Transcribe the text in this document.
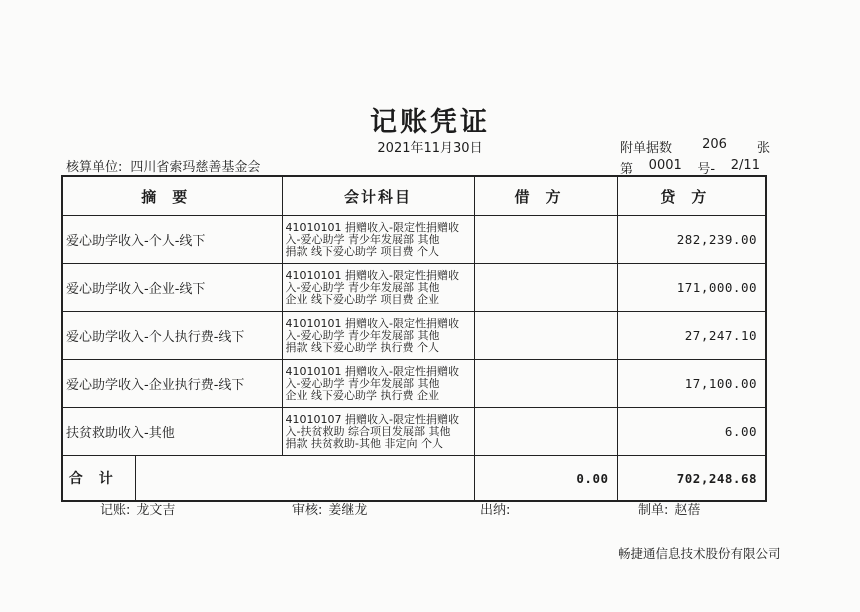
记账凭证
2021年11月30日	附单据数 206 张
第 0001 号- 2/11
核算单位: 四川省索玛慈善基金会
摘要		会计科目	借方	贷方
爱心助学收入-个人-线下		41010101 捐赠收入-限定性捐赠收
入-爱心助学 青少年发展部 其他
捐款 线下爱心助学 项目费 个人		282,239.00
爱心助学收入-企业-线下		41010101 捐赠收入-限定性捐赠收
入-爱心助学 青少年发展部 其他
企业 线下爱心助学 项目费 企业		171,000.00
爱心助学收入-个人执行费-线下		41010101 捐赠收入-限定性捐赠收
入-爱心助学 青少年发展部 其他
捐款 线下爱心助学 执行费 个人		27,247.10
爱心助学收入-企业执行费-线下		41010101 捐赠收入-限定性捐赠收
入-爱心助学 青少年发展部 其他
企业 线下爱心助学 执行费 企业		17,100.00
扶贫救助收入-其他		41010107 捐赠收入-限定性捐赠收
入-扶贫救助 综合项目发展部 其他
捐款 扶贫救助-其他 非定向 个人		6.00
合计			0.00	702,248.68
记账: 龙文吉	审核: 姜继龙	出纳:	制单: 赵蓓
畅捷通信息技术股份有限公司
